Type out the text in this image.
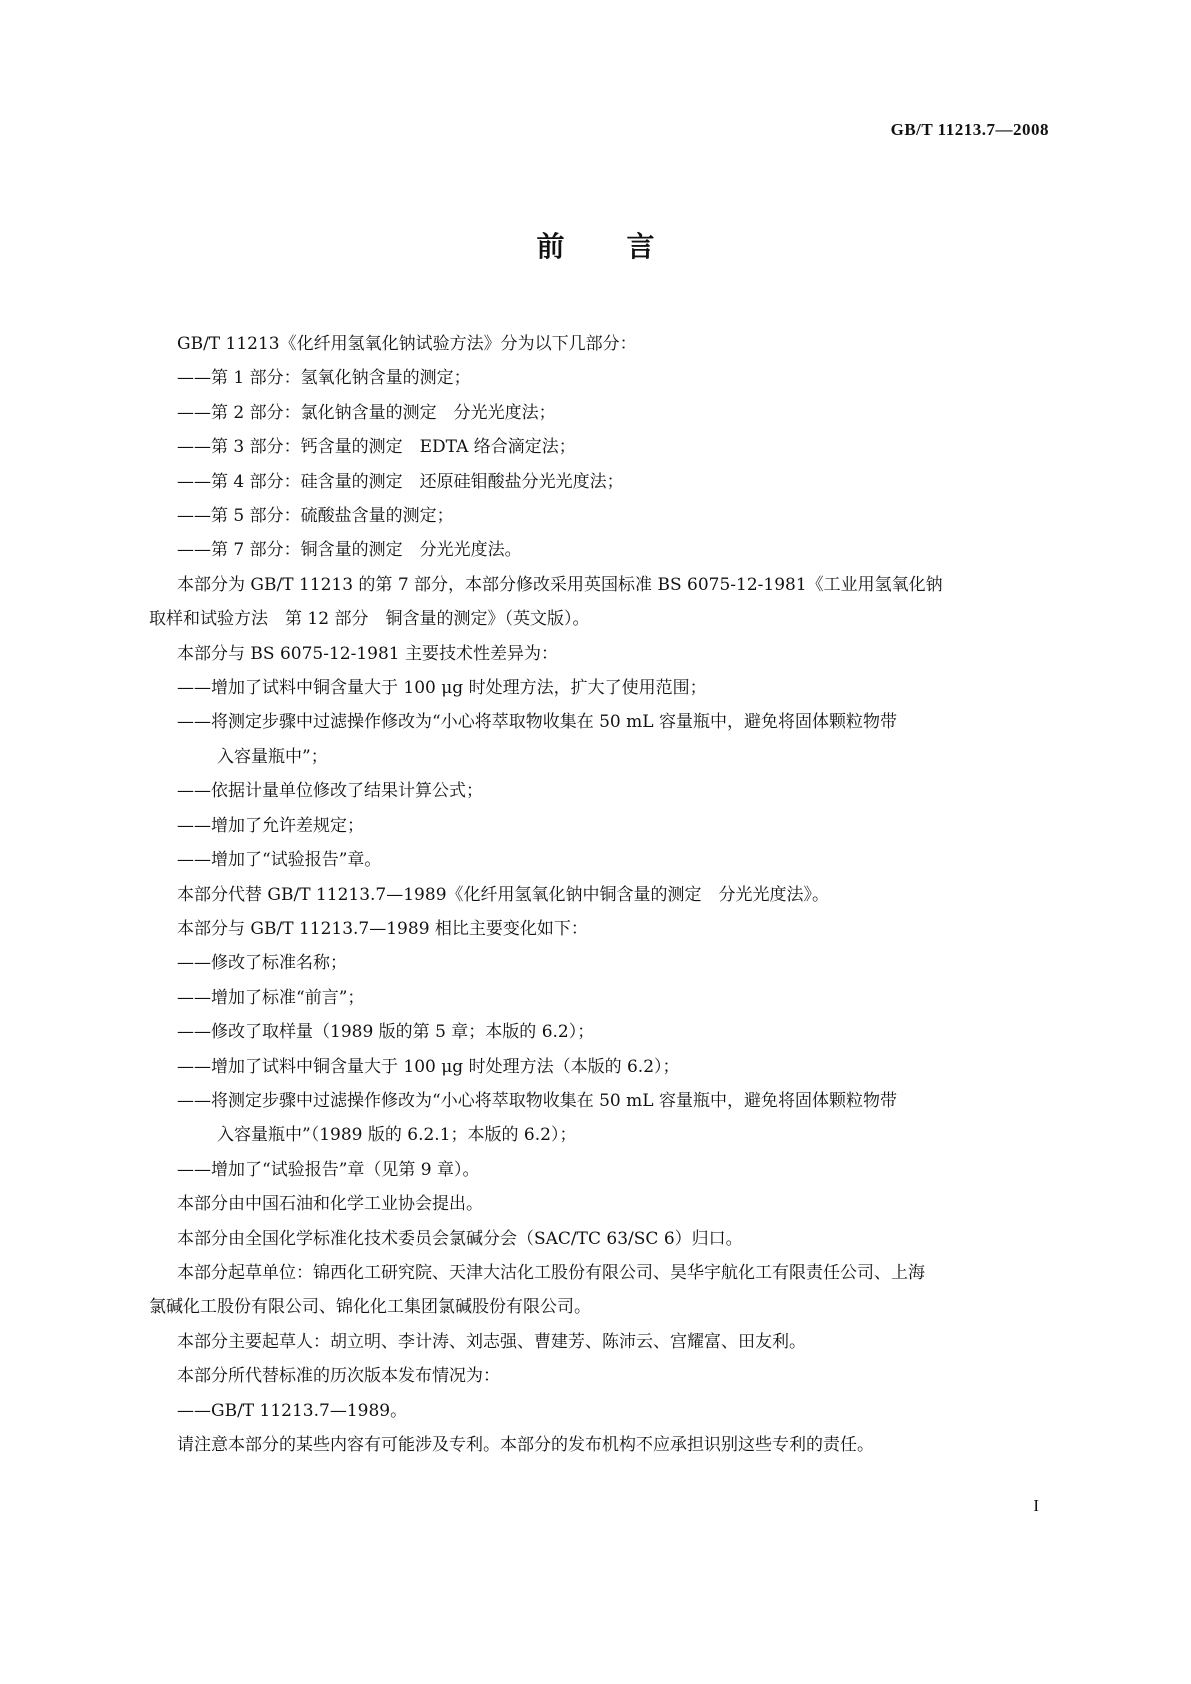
GB/T 11213.7—2008
前 言
GB/T 11213《化纤用氢氧化钠试验方法》分为以下几部分：
——第 1 部分：氢氧化钠含量的测定；
——第 2 部分：氯化钠含量的测定　分光光度法；
——第 3 部分：钙含量的测定　EDTA 络合滴定法；
——第 4 部分：硅含量的测定　还原硅钼酸盐分光光度法；
——第 5 部分：硫酸盐含量的测定；
——第 7 部分：铜含量的测定　分光光度法。
本部分为 GB/T 11213 的第 7 部分，本部分修改采用英国标准 BS 6075-12-1981《工业用氢氧化钠
取样和试验方法　第 12 部分　铜含量的测定》（英文版）。
本部分与 BS 6075-12-1981 主要技术性差异为：
——增加了试料中铜含量大于 100 μg 时处理方法，扩大了使用范围；
——将测定步骤中过滤操作修改为“小心将萃取物收集在 50 mL 容量瓶中，避免将固体颗粒物带
入容量瓶中”；
——依据计量单位修改了结果计算公式；
——增加了允许差规定；
——增加了“试验报告”章。
本部分代替 GB/T 11213.7—1989《化纤用氢氧化钠中铜含量的测定　分光光度法》。
本部分与 GB/T 11213.7—1989 相比主要变化如下：
——修改了标准名称；
——增加了标准“前言”；
——修改了取样量（1989 版的第 5 章；本版的 6.2）；
——增加了试料中铜含量大于 100 μg 时处理方法（本版的 6.2）；
——将测定步骤中过滤操作修改为“小心将萃取物收集在 50 mL 容量瓶中，避免将固体颗粒物带
入容量瓶中”（1989 版的 6.2.1；本版的 6.2）；
——增加了“试验报告”章（见第 9 章）。
本部分由中国石油和化学工业协会提出。
本部分由全国化学标准化技术委员会氯碱分会（SAC/TC 63/SC 6）归口。
本部分起草单位：锦西化工研究院、天津大沽化工股份有限公司、昊华宇航化工有限责任公司、上海
氯碱化工股份有限公司、锦化化工集团氯碱股份有限公司。
本部分主要起草人：胡立明、李计涛、刘志强、曹建芳、陈沛云、宫耀富、田友利。
本部分所代替标准的历次版本发布情况为：
——GB/T 11213.7—1989。
请注意本部分的某些内容有可能涉及专利。本部分的发布机构不应承担识别这些专利的责任。
I
